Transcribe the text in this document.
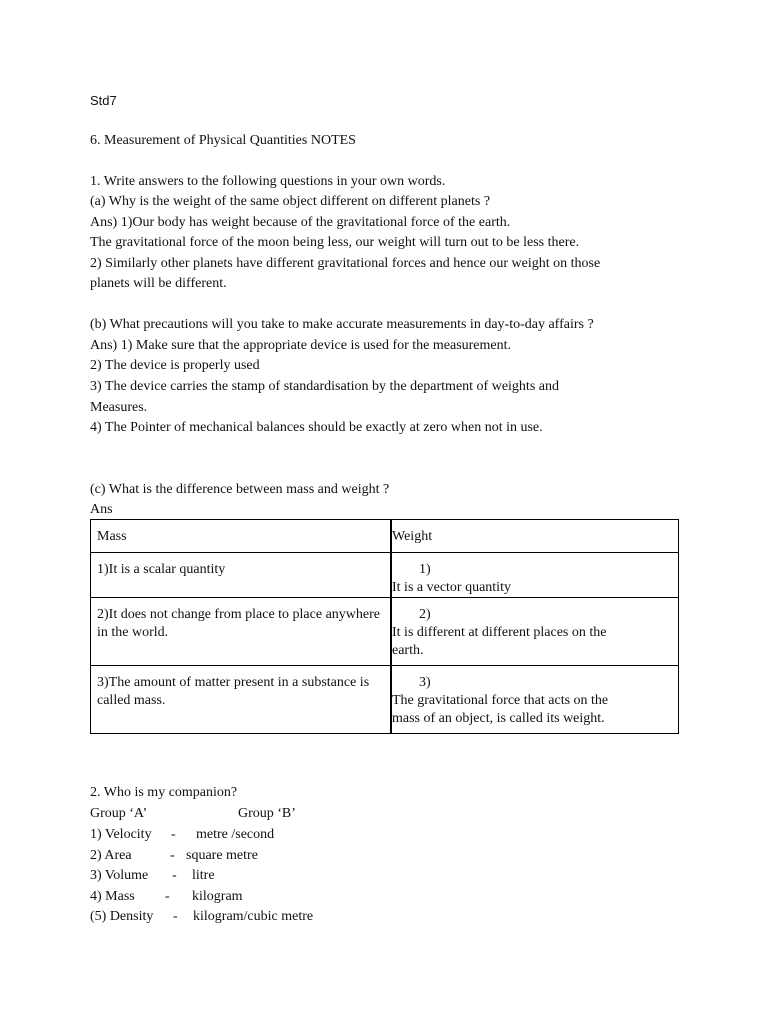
Std7
6. Measurement of Physical Quantities NOTES
1. Write answers to the following questions in your own words.
(a) Why is the weight of the same object different on different planets ?
Ans) 1)Our body has weight because of the gravitational force of the earth.
The gravitational force of the moon being less, our weight will turn out to be less there.
2) Similarly other planets have different gravitational forces and hence our weight on those
planets will be different.
(b) What precautions will you take to make accurate measurements in day-to-day affairs ?
Ans) 1) Make sure that the appropriate device is used for the measurement.
2) The device is properly used
3) The device carries the stamp of standardisation by the department of weights and
Measures.
4) The Pointer of mechanical balances should be exactly at zero when not in use.
(c) What is the difference between mass and weight ?
Ans
Mass	Weight
1)It is a scalar quantity	1)It is a vector quantity
2)It does not change from place to place anywhere in the world.	2)It is different at different places on the earth.
3)The amount of matter present in a substance is called mass.	3)The gravitational force that acts on the mass of an object, is called its weight.
2. Who is my companion?
Group ‘A’	Group ‘B’
1) Velocity - metre /second
2) Area	- square metre
3) Volume - litre
4) Mass - kilogram
(5) Density - kilogram/cubic metre
